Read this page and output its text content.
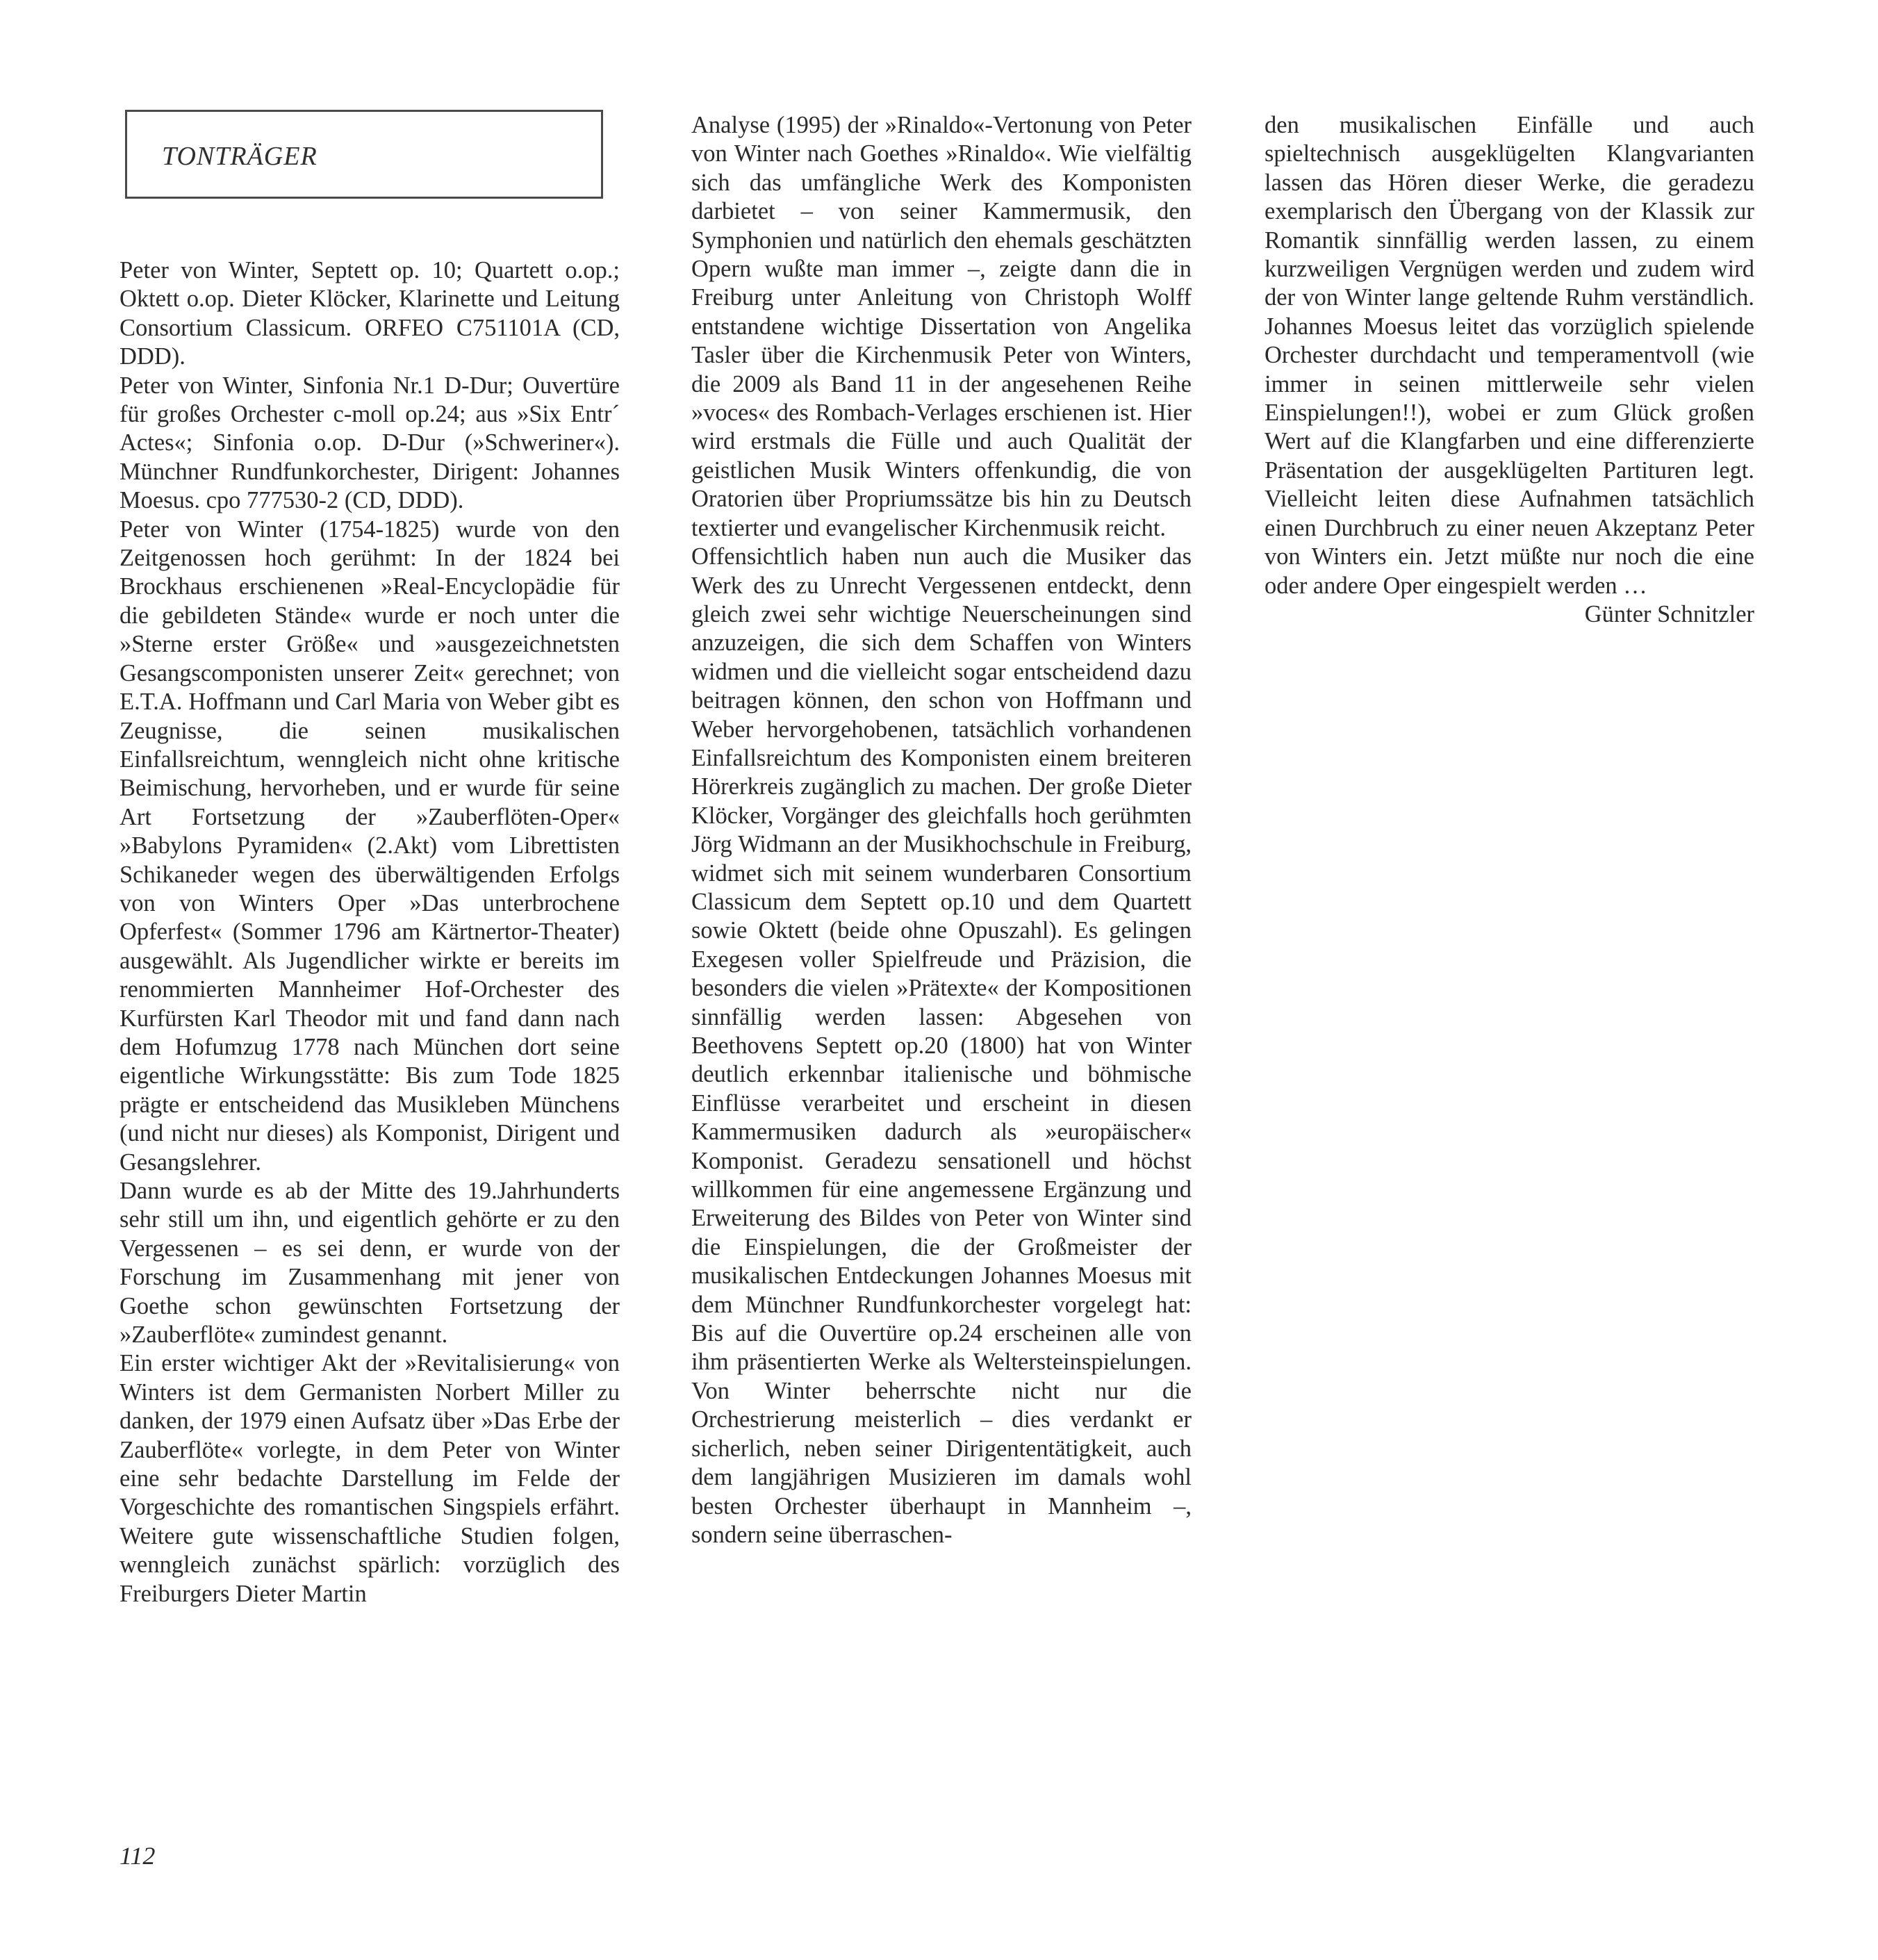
TONTRÄGER

Peter von Winter, Septett op. 10; Quartett o.op.; Oktett o.op. Dieter Klöcker, Klarinette und Leitung Consortium Classicum. ORFEO C751101A (CD, DDD).

Peter von Winter, Sinfonia Nr.1 D-Dur; Ouvertüre für großes Orchester c-moll op.24; aus »Six Entr´ Actes«; Sinfonia o.op. D-Dur (»Schweriner«). Münchner Rundfunkorchester, Dirigent: Johannes Moesus. cpo 777530-2 (CD, DDD).

Peter von Winter (1754-1825) wurde von den Zeitgenossen hoch gerühmt: In der 1824 bei Brockhaus erschienenen »Real-Encyclopädie für die gebildeten Stände« wurde er noch unter die »Sterne erster Größe« und »ausgezeichnetsten Gesangscomponisten unserer Zeit« gerechnet; von E.T.A. Hoffmann und Carl Maria von Weber gibt es Zeugnisse, die seinen musikalischen Einfallsreichtum, wenngleich nicht ohne kritische Beimischung, hervorheben, und er wurde für seine Art Fortsetzung der »Zauberflöten-Oper« »Babylons Pyramiden« (2.Akt) vom Librettisten Schikaneder wegen des überwältigenden Erfolgs von von Winters Oper »Das unterbrochene Opferfest« (Sommer 1796 am Kärtnertor-Theater) ausgewählt. Als Jugendlicher wirkte er bereits im renommierten Mannheimer Hof-Orchester des Kurfürsten Karl Theodor mit und fand dann nach dem Hofumzug 1778 nach München dort seine eigentliche Wirkungsstätte: Bis zum Tode 1825 prägte er entscheidend das Musikleben Münchens (und nicht nur dieses) als Komponist, Dirigent und Gesangslehrer.

Dann wurde es ab der Mitte des 19.Jahrhunderts sehr still um ihn, und eigentlich gehörte er zu den Vergessenen – es sei denn, er wurde von der Forschung im Zusammenhang mit jener von Goethe schon gewünschten Fortsetzung der »Zauberflöte« zumindest genannt.

Ein erster wichtiger Akt der »Revitalisierung« von Winters ist dem Germanisten Norbert Miller zu danken, der 1979 einen Aufsatz über »Das Erbe der Zauberflöte« vorlegte, in dem Peter von Winter eine sehr bedachte Darstellung im Felde der Vorgeschichte des romantischen Singspiels erfährt. Weitere gute wissenschaftliche Studien folgen, wenngleich zunächst spärlich: vorzüglich des Freiburgers Dieter Martin

Analyse (1995) der »Rinaldo«-Vertonung von Peter von Winter nach Goethes »Rinaldo«. Wie vielfältig sich das umfängliche Werk des Komponisten darbietet – von seiner Kammermusik, den Symphonien und natürlich den ehemals geschätzten Opern wußte man immer –, zeigte dann die in Freiburg unter Anleitung von Christoph Wolff entstandene wichtige Dissertation von Angelika Tasler über die Kirchenmusik Peter von Winters, die 2009 als Band 11 in der angesehenen Reihe »voces« des Rombach-Verlages erschienen ist. Hier wird erstmals die Fülle und auch Qualität der geistlichen Musik Winters offenkundig, die von Oratorien über Propriumssätze bis hin zu Deutsch textierter und evangelischer Kirchenmusik reicht.

Offensichtlich haben nun auch die Musiker das Werk des zu Unrecht Vergessenen entdeckt, denn gleich zwei sehr wichtige Neuerscheinungen sind anzuzeigen, die sich dem Schaffen von Winters widmen und die vielleicht sogar entscheidend dazu beitragen können, den schon von Hoffmann und Weber hervorgehobenen, tatsächlich vorhandenen Einfallsreichtum des Komponisten einem breiteren Hörerkreis zugänglich zu machen. Der große Dieter Klöcker, Vorgänger des gleichfalls hoch gerühmten Jörg Widmann an der Musikhochschule in Freiburg, widmet sich mit seinem wunderbaren Consortium Classicum dem Septett op.10 und dem Quartett sowie Oktett (beide ohne Opuszahl). Es gelingen Exegesen voller Spielfreude und Präzision, die besonders die vielen »Prätexte« der Kompositionen sinnfällig werden lassen: Abgesehen von Beethovens Septett op.20 (1800) hat von Winter deutlich erkennbar italienische und böhmische Einflüsse verarbeitet und erscheint in diesen Kammermusiken dadurch als »europäischer« Komponist. Geradezu sensationell und höchst willkommen für eine angemessene Ergänzung und Erweiterung des Bildes von Peter von Winter sind die Einspielungen, die der Großmeister der musikalischen Entdeckungen Johannes Moesus mit dem Münchner Rundfunkorchester vorgelegt hat: Bis auf die Ouvertüre op.24 erscheinen alle von ihm präsentierten Werke als Weltersteinspielungen. Von Winter beherrschte nicht nur die Orchestrierung meisterlich – dies verdankt er sicherlich, neben seiner Dirigententätigkeit, auch dem langjährigen Musizieren im damals wohl besten Orchester überhaupt in Mannheim –, sondern seine überraschen-

den musikalischen Einfälle und auch spieltechnisch ausgeklügelten Klangvarianten lassen das Hören dieser Werke, die geradezu exemplarisch den Übergang von der Klassik zur Romantik sinnfällig werden lassen, zu einem kurzweiligen Vergnügen werden und zudem wird der von Winter lange geltende Ruhm verständlich. Johannes Moesus leitet das vorzüglich spielende Orchester durchdacht und temperamentvoll (wie immer in seinen mittlerweile sehr vielen Einspielungen!!), wobei er zum Glück großen Wert auf die Klangfarben und eine differenzierte Präsentation der ausgeklügelten Partituren legt. Vielleicht leiten diese Aufnahmen tatsächlich einen Durchbruch zu einer neuen Akzeptanz Peter von Winters ein. Jetzt müßte nur noch die eine oder andere Oper eingespielt werden …

Günter Schnitzler

112
